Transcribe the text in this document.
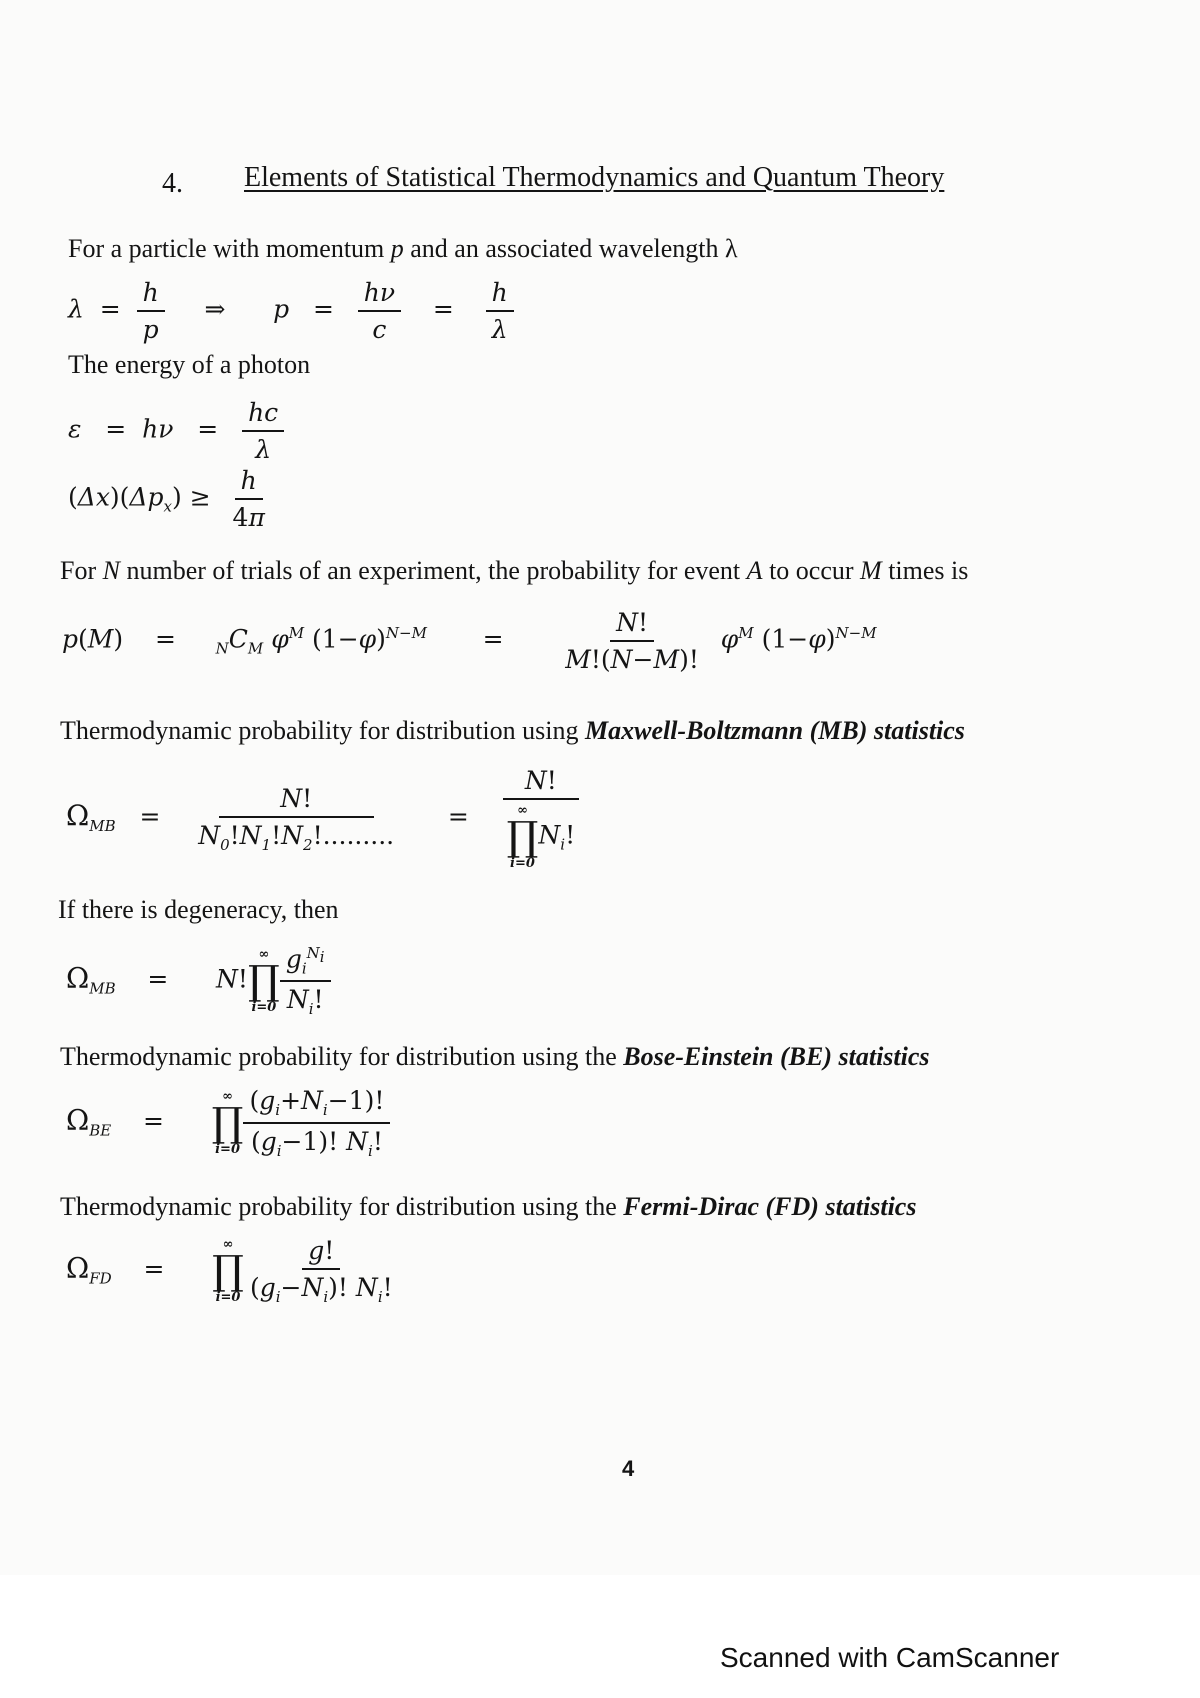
4. Elements of Statistical Thermodynamics and Quantum Theory
For a particle with momentum p and an associated wavelength λ
$\lambda = \frac{h}{p}$ ⇒ $p = \frac{h\nu}{c} = \frac{h}{\lambda}$
The energy of a photon
$\varepsilon = h\nu = \frac{hc}{\lambda}$
$(\Delta x)(\Delta p_x) \ge \frac{h}{4\pi}$
For N number of trials of an experiment, the probability for event A to occur M times is
p(M) =	$_NC_M$ $\varphi^M$ $(1-\varphi)^{N-M} = \frac{N!}{M!(N-M)!} \varphi^M$ $(1-\varphi)^{N-M}$
Thermodynamic probability for distribution using Maxwell-Boltzmann (MB) statistics
$\Omega_{MB} = \frac{N!}{N_0!N_1!N_2!.........} = N$!
∞
∏
i=0
$N_i$!
If there is degeneracy, then
$\Omega_{MB}$ =      N!
∞
∏
$i=0 \frac{g_i^{N_i}}{N_i!}$
Thermodynamic probability for distribution using the Bose-Einstein (BE) statistics
$\Omega_{BE}$ =
∞
∏
$i=0 \frac{(g_i+N_i-1)!}{(g_i-1)! N_i!}$
Thermodynamic probability for distribution using the Fermi-Dirac (FD) statistics
$\Omega_{FD}$ =
∞
∏
$i=0 \frac{g!}{(g_i-N_i)! N_i!}$
4
Scanned with CamScanner
